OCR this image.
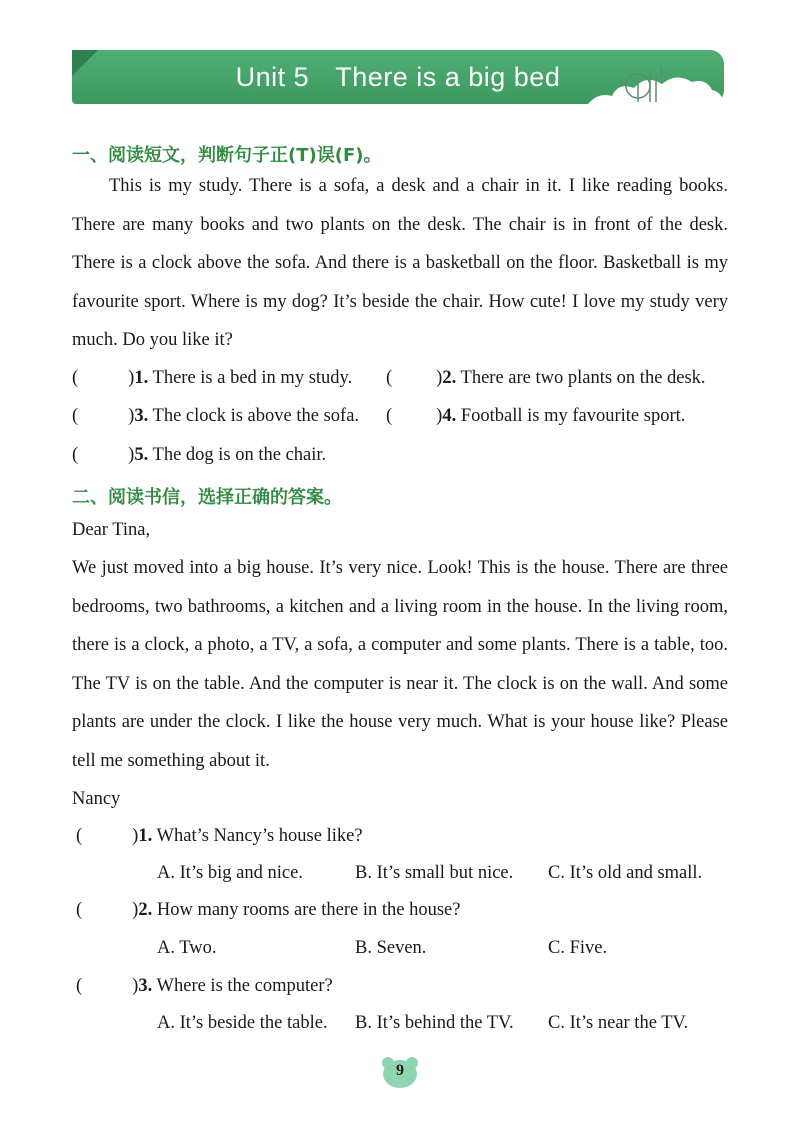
Unit 5 There is a big bed
一、阅读短文，判断句子正(T)误(F)。
This is my study. There is a sofa, a desk and a chair in it. I like reading books. There are many books and two plants on the desk. The chair is in front of the desk. There is a clock above the sofa. And there is a basketball on the floor. Basketball is my favourite sport. Where is my dog? It’s beside the chair. How cute! I love my study very much. Do you like it?
(	)1. There is a bed in my study. ( )2. There are two plants on the desk.
(	)3. The clock is above the sofa. ( )4. Football is my favourite sport.
(	)5. The dog is on the chair.
二、阅读书信，选择正确的答案。
Dear Tina,
We just moved into a big house. It’s very nice. Look! This is the house. There are three bedrooms, two bathrooms, a kitchen and a living room in the house. In the living room, there is a clock, a photo, a TV, a sofa, a computer and some plants. There is a table, too. The TV is on the table. And the computer is near it. The clock is on the wall. And some plants are under the clock. I like the house very much. What is your house like? Please tell me something about it.
Nancy
(	)1. What’s Nancy’s house like?
A. It’s big and nice.	B. It’s small but nice. C. It’s old and small.
(	)2. How many rooms are there in the house?
A. Two.	B. Seven.	C. Five.
(	)3. Where is the computer?
A. It’s beside the table. B. It’s behind the TV. C. It’s near the TV.
9
